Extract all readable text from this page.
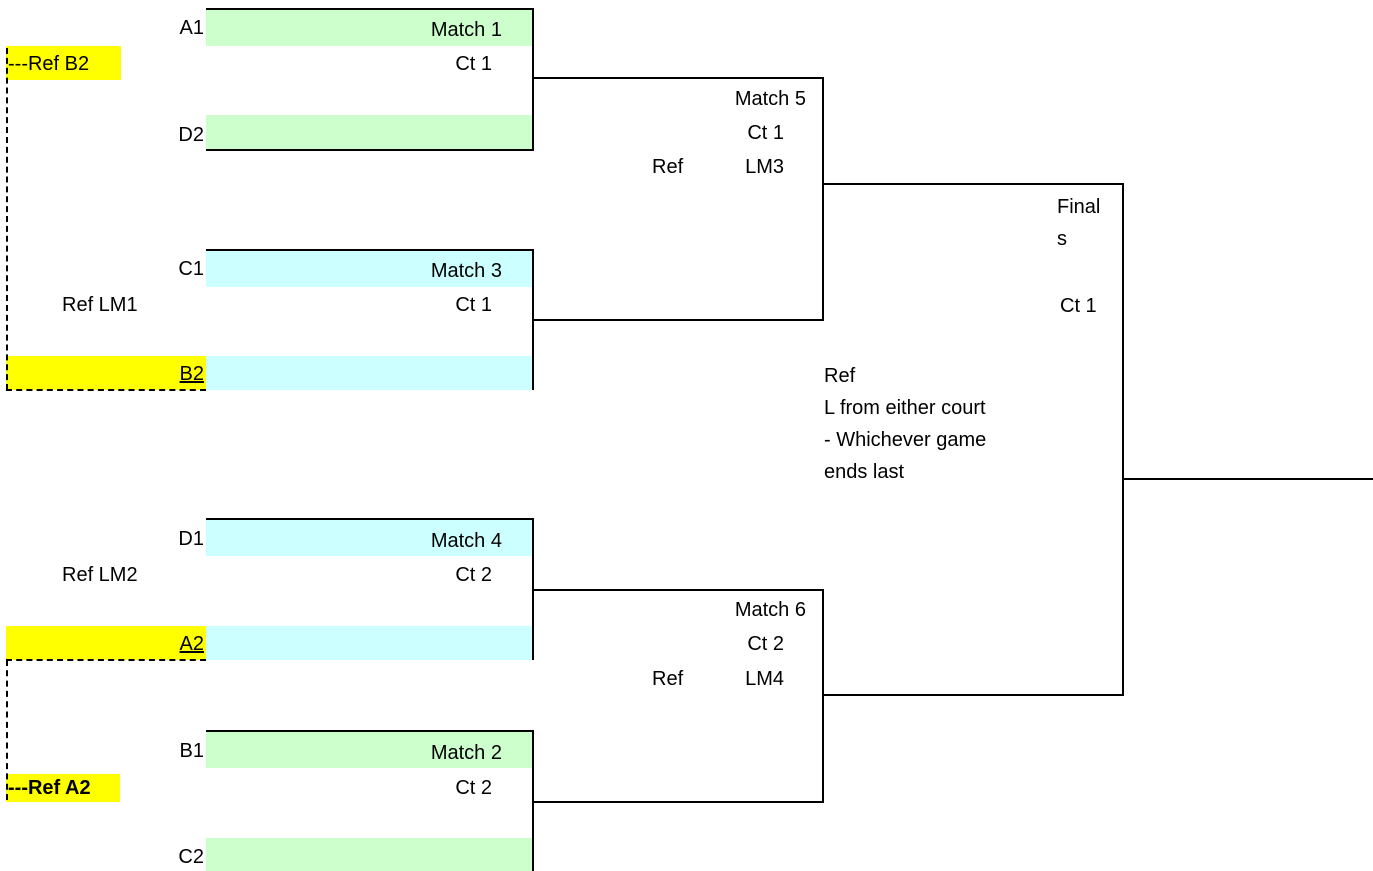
---Ref B2
Ref LM1
Ref LM2
---Ref A2
A1
D2
C1
B2
D1
A2
B1
C2
Match 1
Ct 1
Match 3
Ct 1
Match 4
Ct 2
Match 2
Ct 2
Match 5
Ct 1
Ref	LM3
Match 6
Ct 2
Ref	LM4
Final
s
Ct 1
Ref
L from either court
- Whichever game
ends last
